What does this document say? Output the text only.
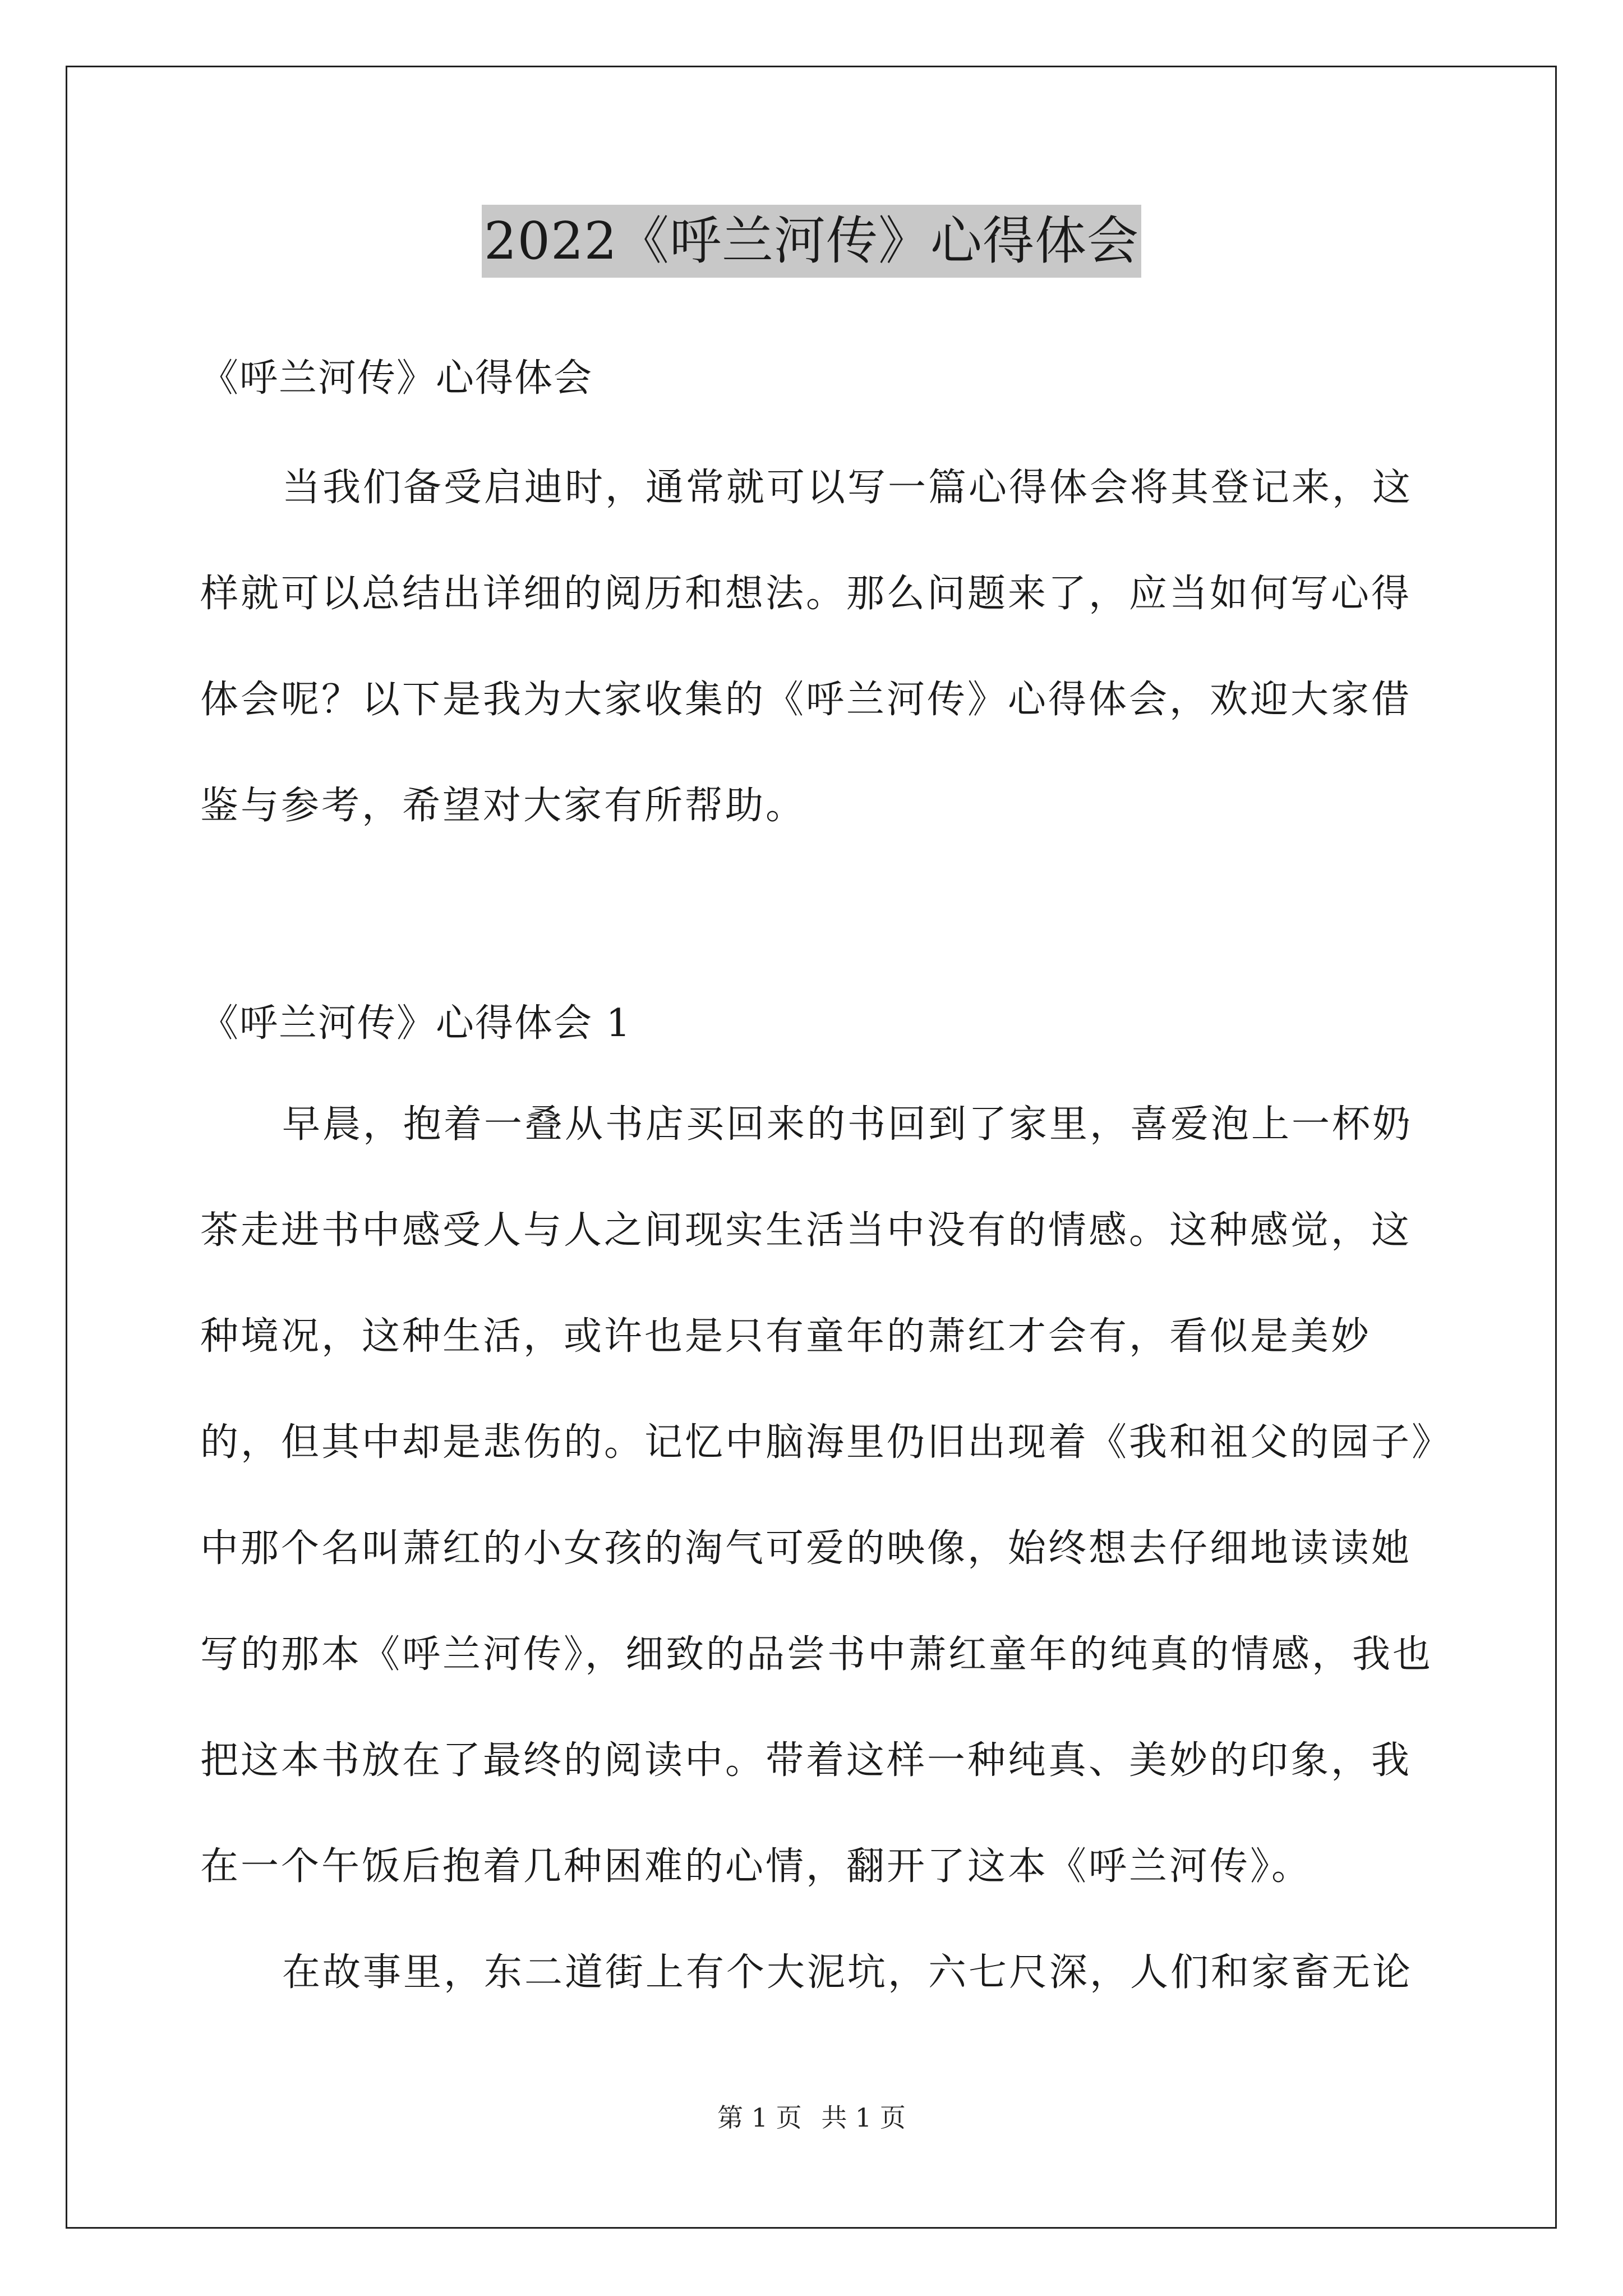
2022《呼兰河传》心得体会
《呼兰河传》心得体会

当我们备受启迪时，通常就可以写一篇心得体会将其登记来，这样就可以总结出详细的阅历和想法。那么问题来了，应当如何写心得体会呢？以下是我为大家收集的《呼兰河传》心得体会，欢迎大家借鉴与参考，希望对大家有所帮助。

《呼兰河传》心得体会 1

早晨，抱着一叠从书店买回来的书回到了家里，喜爱泡上一杯奶茶走进书中感受人与人之间现实生活当中没有的情感。这种感觉，这种境况，这种生活，或许也是只有童年的萧红才会有，看似是美妙的，但其中却是悲伤的。记忆中脑海里仍旧出现着《我和祖父的园子》中那个名叫萧红的小女孩的淘气可爱的映像，始终想去仔细地读读她写的那本《呼兰河传》，细致的品尝书中萧红童年的纯真的情感，我也把这本书放在了最终的阅读中。带着这样一种纯真、美妙的印象，我在一个午饭后抱着几种困难的心情，翻开了这本《呼兰河传》。

在故事里，东二道街上有个大泥坑，六七尺深，人们和家畜无论

第 1 页 共 1 页
